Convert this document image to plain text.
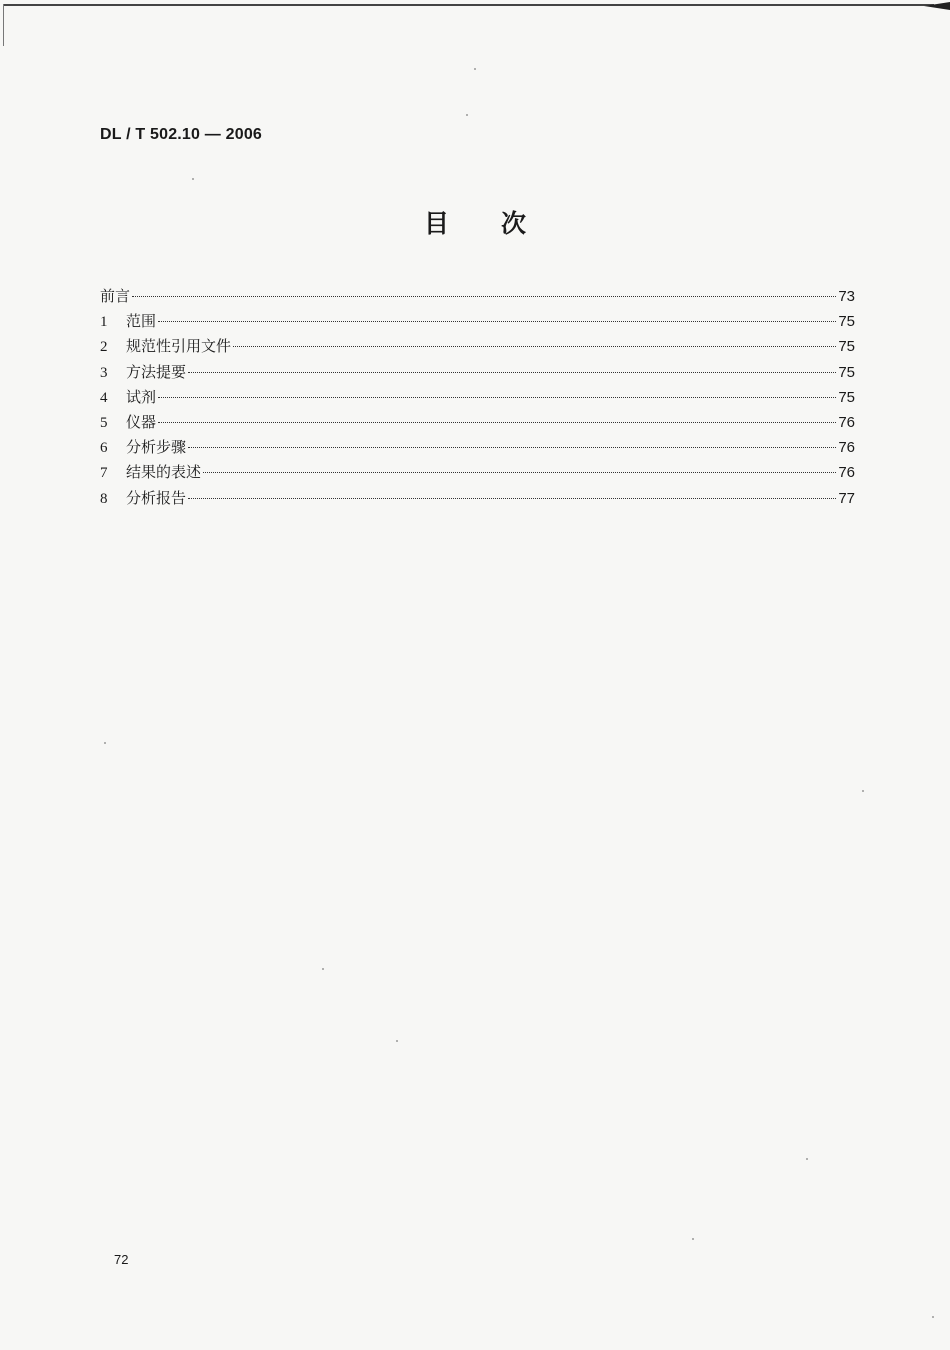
DL / T 502.10 — 2006
目次
前言	73
1	范围	75
2	规范性引用文件	75
3	方法提要	75
4	试剂	75
5	仪器	76
6	分析步骤	76
7	结果的表述	76
8	分析报告	77
72
